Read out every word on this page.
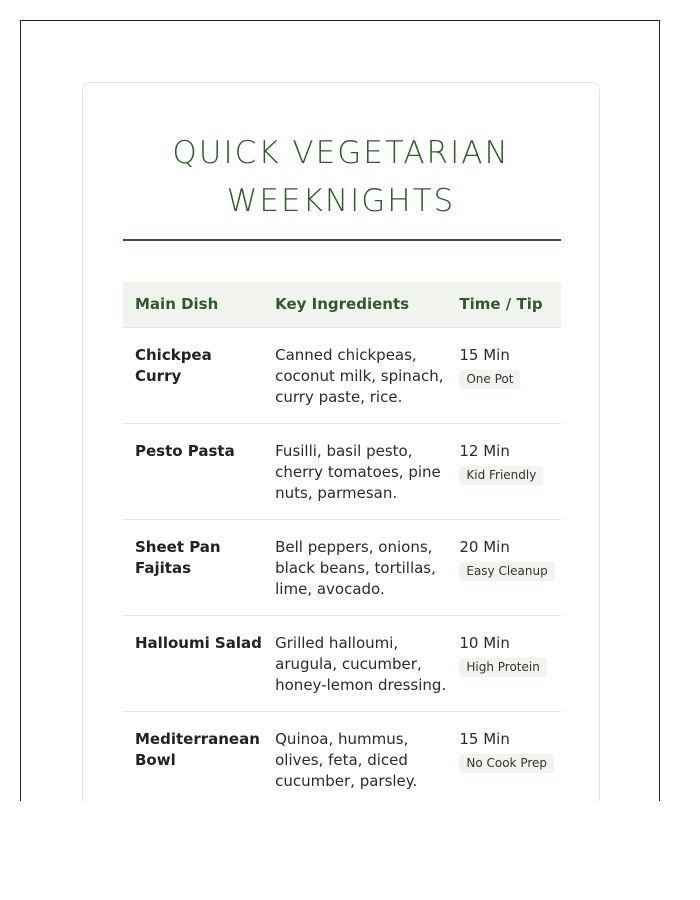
QUICK VEGETARIAN
WEEKNIGHTS
Main Dish	Key Ingredients	Time / Tip
Chickpea Curry	Canned chickpeas, coconut milk, spinach, curry paste, rice.	15 Min
One Pot
Pesto Pasta	Fusilli, basil pesto, cherry tomatoes, pine nuts, parmesan.	12 Min
Kid Friendly
Sheet Pan Fajitas	Bell peppers, onions, black beans, tortillas, lime, avocado.	20 Min
Easy Cleanup
Halloumi Salad	Grilled halloumi, arugula, cucumber, honey-lemon dressing.	10 Min
High Protein
Mediterranean Bowl	Quinoa, hummus, olives, feta, diced cucumber, parsley.	15 Min
No Cook Prep
